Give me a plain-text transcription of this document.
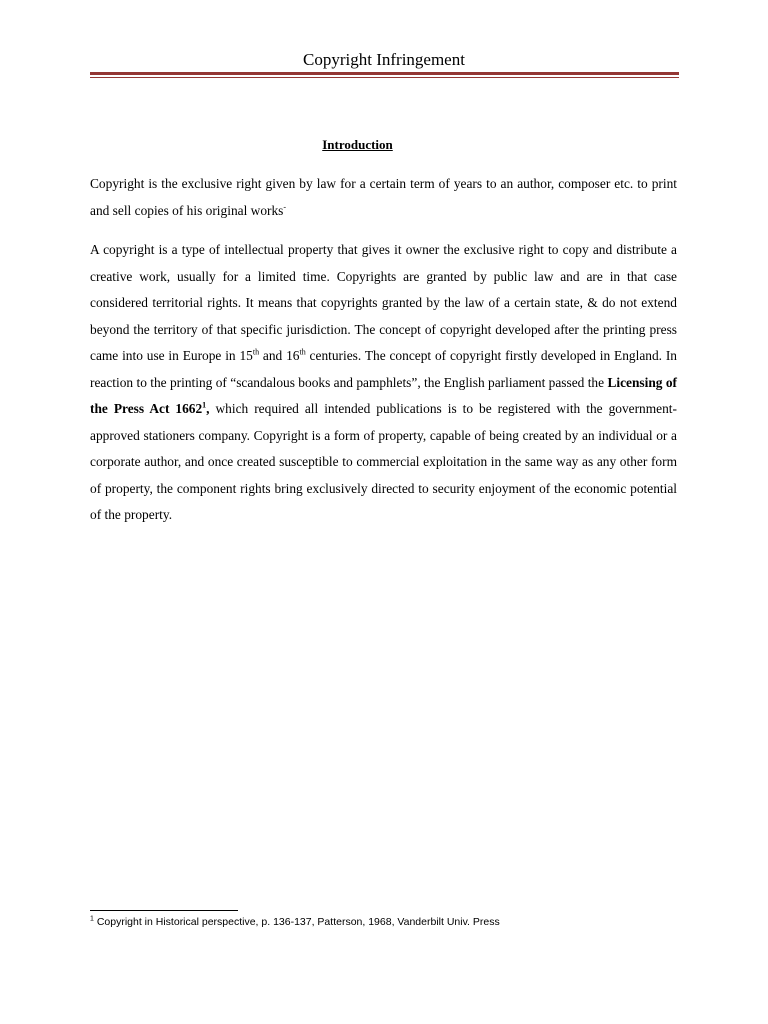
Copyright Infringement
Introduction

Copyright is the exclusive right given by law for a certain term of years to an author, composer etc. to print and sell copies of his original works-

A copyright is a type of intellectual property that gives it owner the exclusive right to copy and distribute a creative work, usually for a limited time. Copyrights are granted by public law and are in that case considered territorial rights. It means that copyrights granted by the law of a certain state, & do not extend beyond the territory of that specific jurisdiction. The concept of copyright developed after the printing press came into use in Europe in 15th and 16th centuries. The concept of copyright firstly developed in England. In reaction to the printing of “scandalous books and pamphlets”, the English parliament passed the Licensing of the Press Act 1662$^1$, which required all intended publications is to be registered with the government- approved stationers company. Copyright is a form of property, capable of being created by an individual or a corporate author, and once created susceptible to commercial exploitation in the same way as any other form of property, the component rights bring exclusively directed to security enjoyment of the economic potential of the property.

$^1$ Copyright in Historical perspective, p. 136-137, Patterson, 1968, Vanderbilt Univ. Press
